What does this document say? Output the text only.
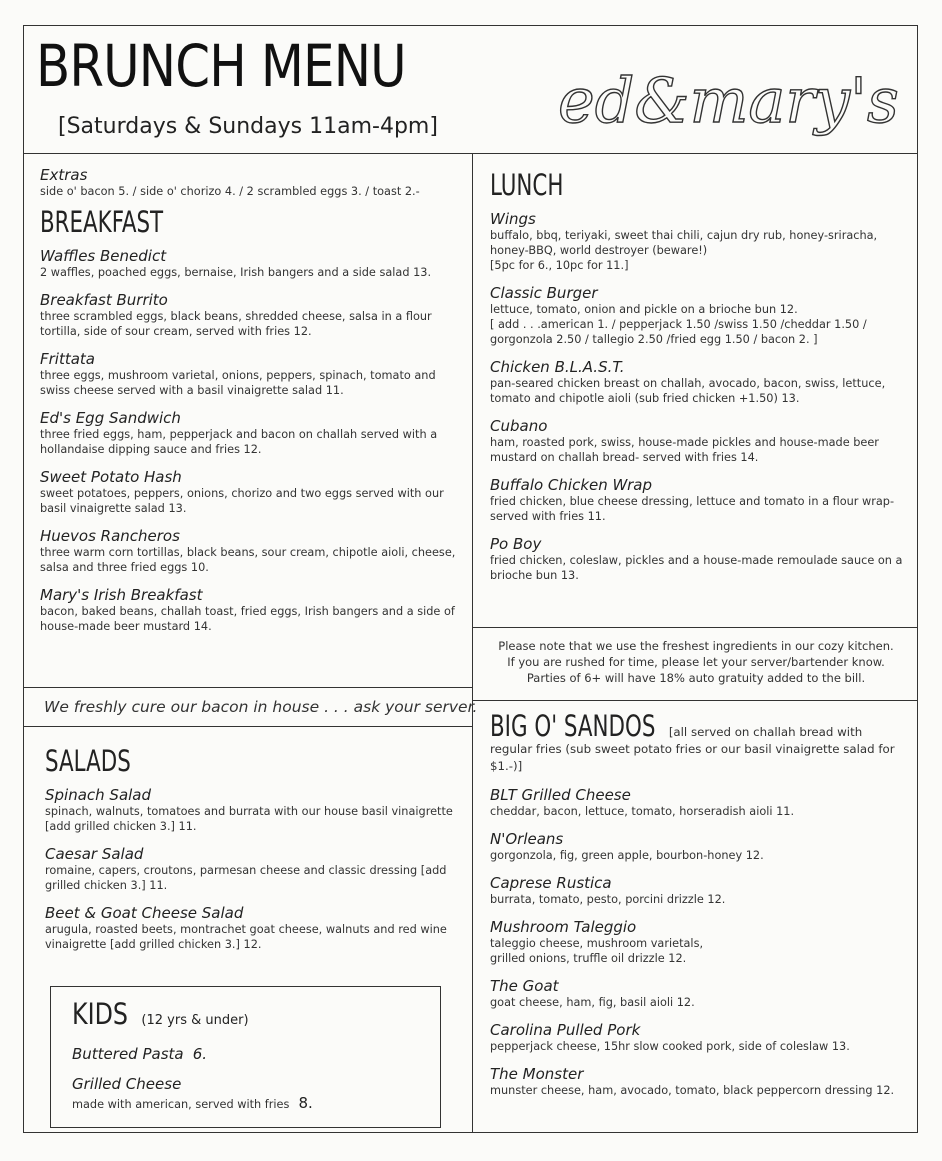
BRUNCH MENU
[Saturdays & Sundays 11am-4pm] ed&mary's
Extras
side o' bacon 5. / side o' chorizo 4. / 2 scrambled eggs 3. / toast 2.-
BREAKFAST
Waffles Benedict
2 waffles, poached eggs, bernaise, Irish bangers and a side salad 13.
Breakfast Burrito
three scrambled eggs, black beans, shredded cheese, salsa in a flour tortilla, side of sour cream, served with fries 12.
Frittata
three eggs, mushroom varietal, onions, peppers, spinach, tomato and swiss cheese served with a basil vinaigrette salad 11.
Ed's Egg Sandwich
three fried eggs, ham, pepperjack and bacon on challah served with a hollandaise dipping sauce and fries 12.
Sweet Potato Hash
sweet potatoes, peppers, onions, chorizo and two eggs served with our basil vinaigrette salad 13.
Huevos Rancheros
three warm corn tortillas, black beans, sour cream, chipotle aioli, cheese, salsa and three fried eggs 10.
Mary's Irish Breakfast
bacon, baked beans, challah toast, fried eggs, Irish bangers and a side of house-made beer mustard 14.
We freshly cure our bacon in house . . . ask your server.
SALADS
Spinach Salad
spinach, walnuts, tomatoes and burrata with our house basil vinaigrette [add grilled chicken 3.] 11.
Caesar Salad
romaine, capers, croutons, parmesan cheese and classic dressing [add grilled chicken 3.] 11.
Beet & Goat Cheese Salad
arugula, roasted beets, montrachet goat cheese, walnuts and red wine vinaigrette [add grilled chicken 3.] 12.
KIDS (12 yrs & under)
Buttered Pasta 6.
Grilled Cheese
made with american, served with fries 8.
LUNCH
Wings
buffalo, bbq, teriyaki, sweet thai chili, cajun dry rub, honey-sriracha, honey-BBQ, world destroyer (beware!)
[5pc for 6., 10pc for 11.]
Classic Burger
lettuce, tomato, onion and pickle on a brioche bun 12.
[ add . . .american 1. / pepperjack 1.50 /swiss 1.50 /cheddar 1.50 / gorgonzola 2.50 / tallegio 2.50 /fried egg 1.50 / bacon 2. ]
Chicken B.L.A.S.T.
pan-seared chicken breast on challah, avocado, bacon, swiss, lettuce, tomato and chipotle aioli (sub fried chicken +1.50) 13.
Cubano
ham, roasted pork, swiss, house-made pickles and house-made beer mustard on challah bread- served with fries 14.
Buffalo Chicken Wrap
fried chicken, blue cheese dressing, lettuce and tomato in a flour wrap- served with fries 11.
Po Boy
fried chicken, coleslaw, pickles and a house-made remoulade sauce on a brioche bun 13.
Please note that we use the freshest ingredients in our cozy kitchen.
If you are rushed for time, please let your server/bartender know.
Parties of 6+ will have 18% auto gratuity added to the bill.
BIG O' SANDOS [all served on challah bread with regular fries (sub sweet potato fries or our basil vinaigrette salad for $1.-)]
BLT Grilled Cheese
cheddar, bacon, lettuce, tomato, horseradish aioli 11.
N'Orleans
gorgonzola, fig, green apple, bourbon-honey 12.
Caprese Rustica
burrata, tomato, pesto, porcini drizzle 12.
Mushroom Taleggio
taleggio cheese, mushroom varietals,
grilled onions, truffle oil drizzle 12.
The Goat
goat cheese, ham, fig, basil aioli 12.
Carolina Pulled Pork
pepperjack cheese, 15hr slow cooked pork, side of coleslaw 13.
The Monster
munster cheese, ham, avocado, tomato, black peppercorn dressing 12.
